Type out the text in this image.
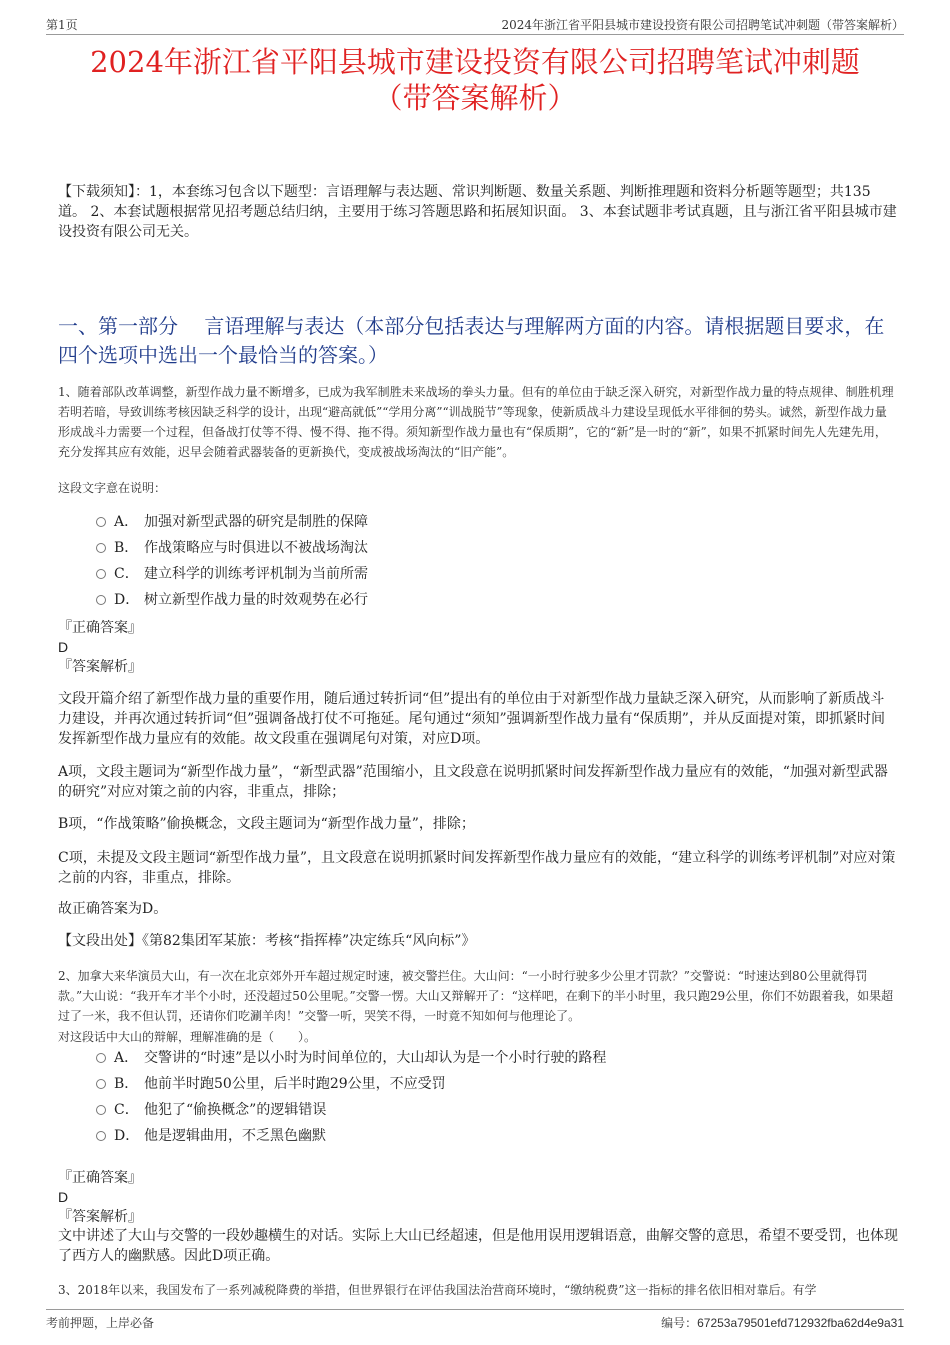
第1页	2024年浙江省平阳县城市建设投资有限公司招聘笔试冲刺题（带答案解析）
2024年浙江省平阳县城市建设投资有限公司招聘笔试冲刺题
（带答案解析）
【下载须知】：1，本套练习包含以下题型：言语理解与表达题、常识判断题、数量关系题、判断推理题和资料分析题等题型；共135道。 2、本套试题根据常见招考题总结归纳，主要用于练习答题思路和拓展知识面。 3、本套试题非考试真题，且与浙江省平阳县城市建设投资有限公司无关。
一、第一部分　 言语理解与表达（本部分包括表达与理解两方面的内容。请根据题目要求，在四个选项中选出一个最恰当的答案。）
1、随着部队改革调整，新型作战力量不断增多，已成为我军制胜未来战场的拳头力量。但有的单位由于缺乏深入研究，对新型作战力量的特点规律、制胜机理若明若暗，导致训练考核因缺乏科学的设计，出现“避高就低”“学用分离”“训战脱节”等现象，使新质战斗力建设呈现低水平徘徊的势头。诚然，新型作战力量形成战斗力需要一个过程，但备战打仗等不得、慢不得、拖不得。须知新型作战力量也有“保质期”，它的“新”是一时的“新”，如果不抓紧时间先人先建先用，充分发挥其应有效能，迟早会随着武器装备的更新换代，变成被战场淘汰的“旧产能”。
这段文字意在说明：
A． 加强对新型武器的研究是制胜的保障
B． 作战策略应与时俱进以不被战场淘汰
C． 建立科学的训练考评机制为当前所需
D． 树立新型作战力量的时效观势在必行
『正确答案』
D
『答案解析』
文段开篇介绍了新型作战力量的重要作用，随后通过转折词“但”提出有的单位由于对新型作战力量缺乏深入研究，从而影响了新质战斗力建设，并再次通过转折词“但”强调备战打仗不可拖延。尾句通过“须知”强调新型作战力量有“保质期”，并从反面提对策，即抓紧时间发挥新型作战力量应有的效能。故文段重在强调尾句对策，对应D项。
A项，文段主题词为“新型作战力量”，“新型武器”范围缩小，且文段意在说明抓紧时间发挥新型作战力量应有的效能，“加强对新型武器的研究”对应对策之前的内容，非重点，排除；
B项，“作战策略”偷换概念，文段主题词为“新型作战力量”，排除；
C项，未提及文段主题词“新型作战力量”，且文段意在说明抓紧时间发挥新型作战力量应有的效能，“建立科学的训练考评机制”对应对策之前的内容，非重点，排除。
故正确答案为D。
【文段出处】《第82集团军某旅：考核“指挥棒”决定练兵“风向标”》
2、加拿大来华演员大山，有一次在北京郊外开车超过规定时速，被交警拦住。大山问：“一小时行驶多少公里才罚款？”交警说：“时速达到80公里就得罚款。”大山说：“我开车才半个小时，还没超过50公里呢。”交警一愣。大山又辩解开了：“这样吧，在剩下的半小时里，我只跑29公里，你们不妨跟着我，如果超过了一米，我不但认罚，还请你们吃涮羊肉！”交警一听，哭笑不得，一时竟不知如何与他理论了。
对这段话中大山的辩解，理解准确的是（　　）。
A． 交警讲的“时速”是以小时为时间单位的，大山却认为是一个小时行驶的路程
B． 他前半时跑50公里，后半时跑29公里，不应受罚
C． 他犯了“偷换概念”的逻辑错误
D． 他是逻辑曲用，不乏黑色幽默
『正确答案』
D
『答案解析』
文中讲述了大山与交警的一段妙趣横生的对话。实际上大山已经超速，但是他用误用逻辑语意，曲解交警的意思，希望不要受罚，也体现了西方人的幽默感。因此D项正确。
3、2018年以来，我国发布了一系列减税降费的举措，但世界银行在评估我国法治营商环境时，“缴纳税费”这一指标的排名依旧相对靠后。有学
考前押题，上岸必备	编号：67253a79501efd712932fba62d4e9a31
